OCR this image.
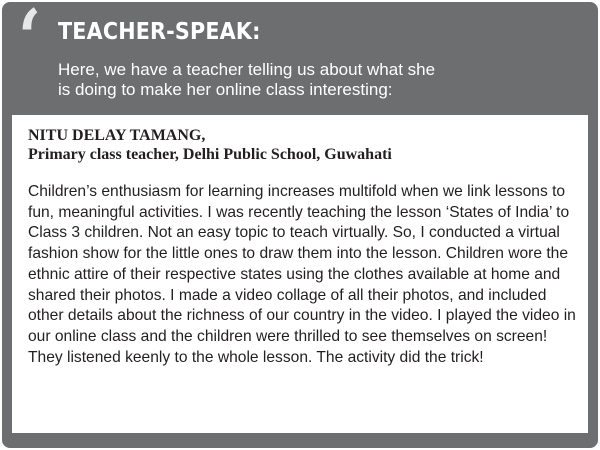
‘ TEACHER-SPEAK:
Here, we have a teacher telling us about what she is doing to make her online class interesting:
NITU DELAY TAMANG,
Primary class teacher, Delhi Public School, Guwahati

Children’s enthusiasm for learning increases multifold when we link lessons to fun, meaningful activities. I was recently teaching the lesson ‘States of India’ to Class 3 children. Not an easy topic to teach virtually. So, I conducted a virtual fashion show for the little ones to draw them into the lesson. Children wore the ethnic attire of their respective states using the clothes available at home and shared their photos. I made a video collage of all their photos, and included other details about the richness of our country in the video. I played the video in our online class and the children were thrilled to see themselves on screen! They listened keenly to the whole lesson. The activity did the trick!
